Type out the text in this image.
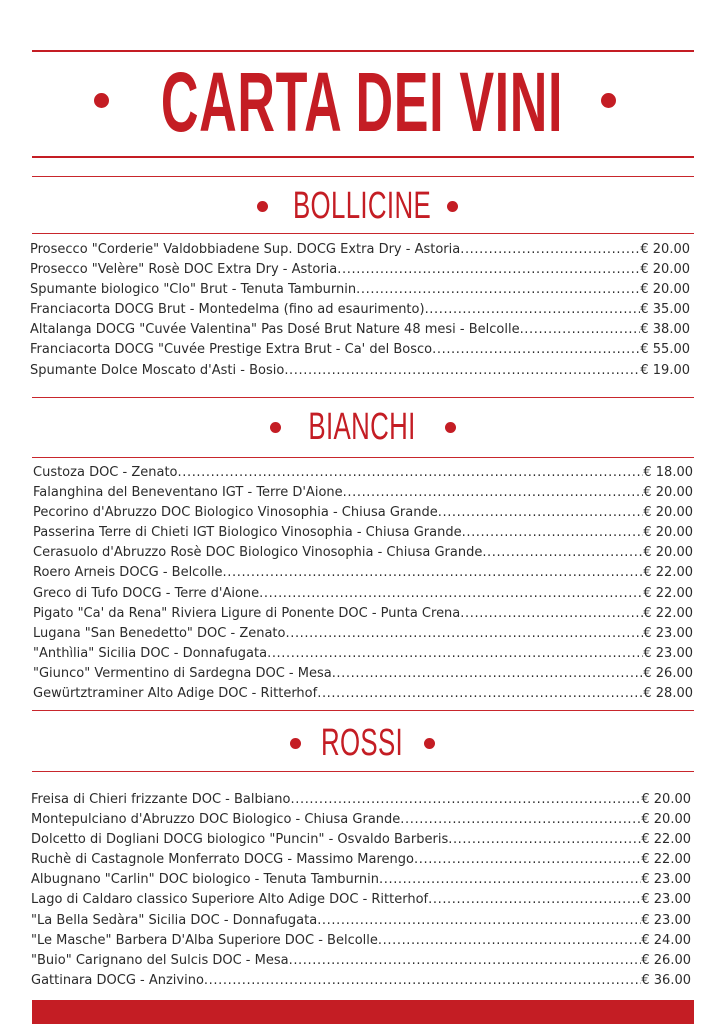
CARTA DEI VINI
BOLLICINE
Prosecco "Corderie" Valdobbiadene Sup. DOCG Extra Dry - Astoria .....	€ 20.00
Prosecco "Velère" Rosè DOC Extra Dry - Astoria .....	€ 20.00
Spumante biologico "Clo" Brut - Tenuta Tamburnin .....	€ 20.00
Franciacorta DOCG Brut - Montedelma (fino ad esaurimento) .....	€ 35.00
Altalanga DOCG "Cuvée Valentina" Pas Dosé Brut Nature 48 mesi - Belcolle .....	€ 38.00
Franciacorta DOCG "Cuvée Prestige Extra Brut - Ca' del Bosco .....	€ 55.00
Spumante Dolce Moscato d'Asti - Bosio .....	€ 19.00
BIANCHI
Custoza DOC - Zenato .....	€ 18.00
Falanghina del Beneventano IGT - Terre D'Aione .....	€ 20.00
Pecorino d'Abruzzo DOC Biologico Vinosophia - Chiusa Grande .....	€ 20.00
Passerina Terre di Chieti IGT Biologico Vinosophia - Chiusa Grande .....	€ 20.00
Cerasuolo d'Abruzzo Rosè DOC Biologico Vinosophia - Chiusa Grande .....	€ 20.00
Roero Arneis DOCG - Belcolle .....	€ 22.00
Greco di Tufo DOCG - Terre d'Aione .....	€ 22.00
Pigato "Ca' da Rena" Riviera Ligure di Ponente DOC - Punta Crena .....	€ 22.00
Lugana "San Benedetto" DOC - Zenato .....	€ 23.00
"Anthìlia" Sicilia DOC - Donnafugata .....	€ 23.00
"Giunco" Vermentino di Sardegna DOC - Mesa .....	€ 26.00
Gewürtztraminer Alto Adige DOC - Ritterhof .....	€ 28.00
ROSSI
Freisa di Chieri frizzante DOC - Balbiano .....	€ 20.00
Montepulciano d'Abruzzo DOC Biologico - Chiusa Grande .....	€ 20.00
Dolcetto di Dogliani DOCG biologico "Puncin" - Osvaldo Barberis .....	€ 22.00
Ruchè di Castagnole Monferrato DOCG - Massimo Marengo .....	€ 22.00
Albugnano "Carlin" DOC biologico - Tenuta Tamburnin .....	€ 23.00
Lago di Caldaro classico Superiore Alto Adige DOC - Ritterhof .....	€ 23.00
"La Bella Sedàra" Sicilia DOC - Donnafugata .....	€ 23.00
"Le Masche" Barbera D'Alba Superiore DOC - Belcolle .....	€ 24.00
"Buio" Carignano del Sulcis DOC - Mesa .....	€ 26.00
Gattinara DOCG - Anzivino .....	€ 36.00
